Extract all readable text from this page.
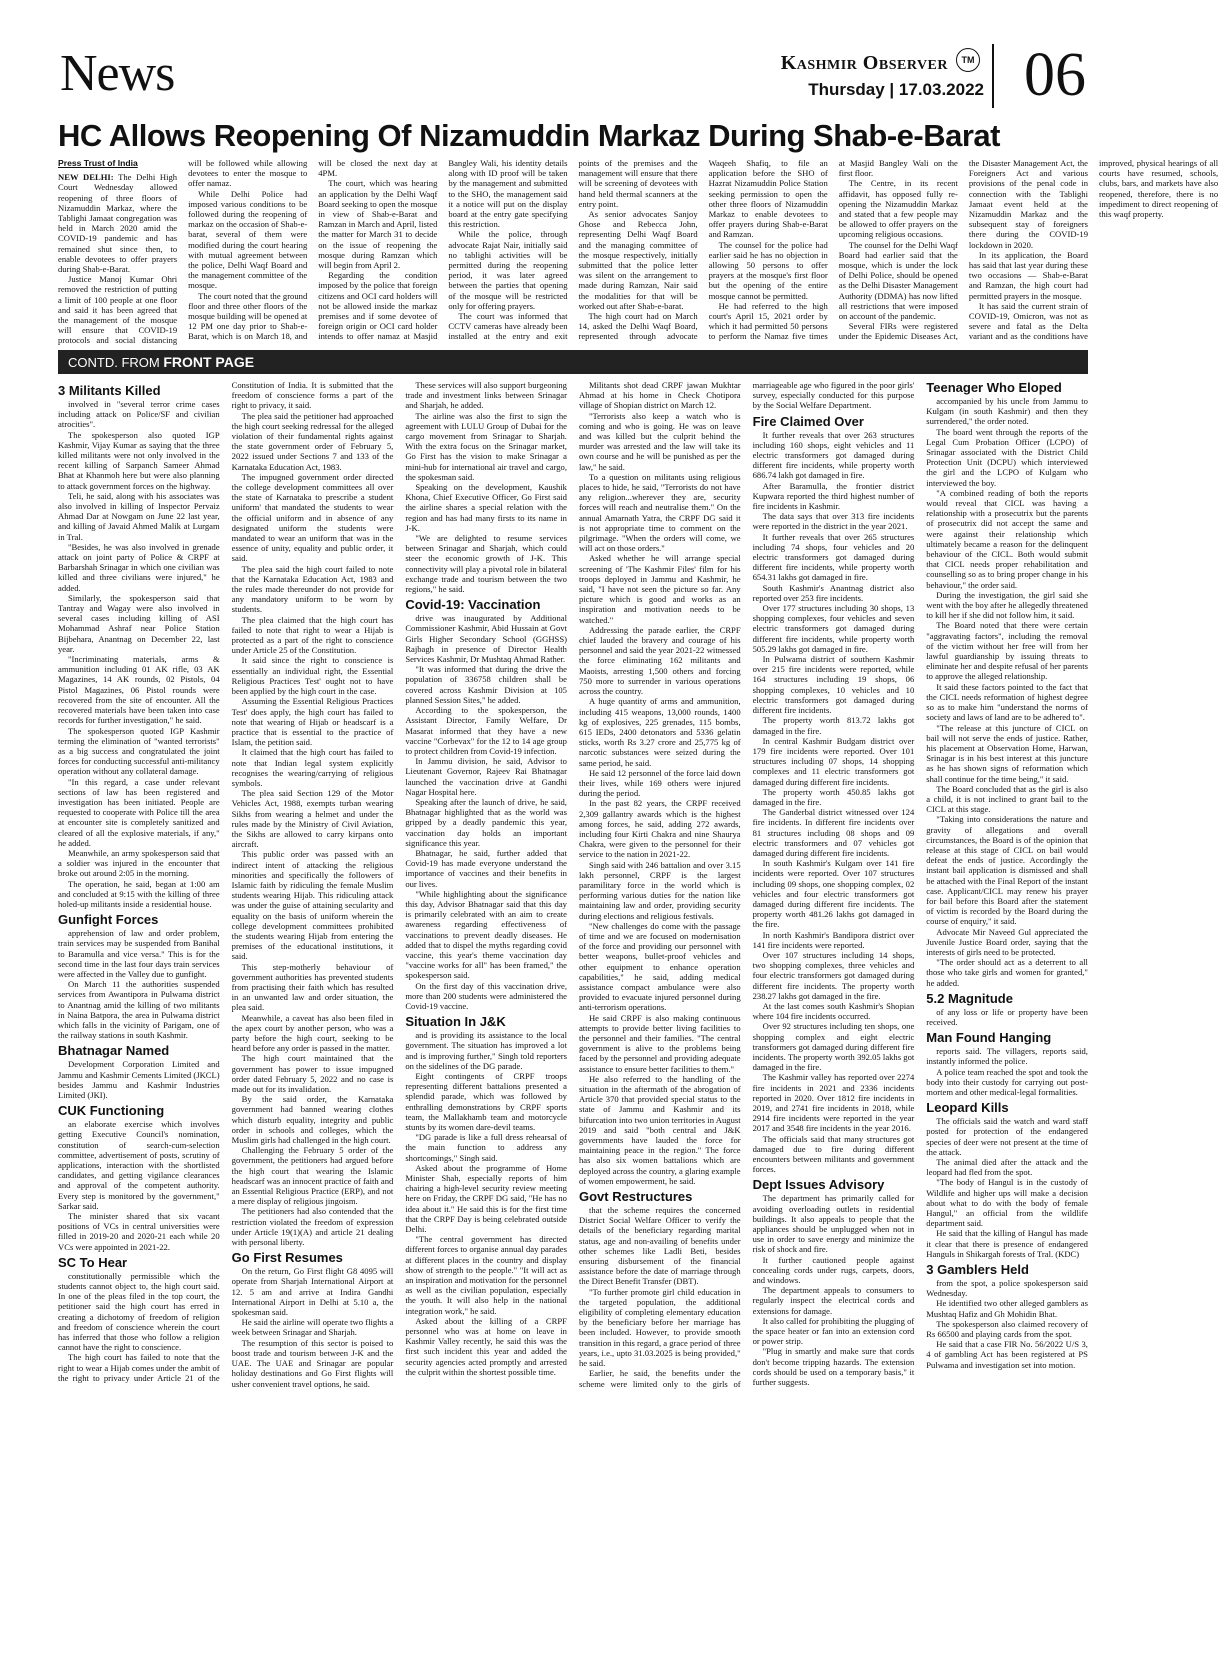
News	Kashmir Observer	TM
Thursday | 17.03.2022 06
HC Allows Reopening Of Nizamuddin Markaz During Shab-e-Barat
Press Trust of India

NEW DELHI: The Delhi High Court Wednesday allowed reopening of three floors of Nizamuddin Markaz, where the Tablighi Jamaat congregation was held in March 2020 amid the COVID-19 pandemic and has remained shut since then, to enable devotees to offer prayers during Shab-e-Barat.

Justice Manoj Kumar Ohri removed the restriction of putting a limit of 100 people at one floor and said it has been agreed that the management of the mosque will ensure that COVID-19 protocols and social distancing will be followed while allowing devotees to enter the mosque to offer namaz.

While Delhi Police had imposed various conditions to be followed during the reopening of markaz on the occasion of Shab-e-barat, several of them were modified during the court hearing with mutual agreement between the police, Delhi Waqf Board and the management committee of the mosque.

The court noted that the ground floor and three other floors of the mosque building will be opened at 12 PM one day prior to Shab-e-Barat, which is on March 18, and will be closed the next day at 4PM.

The court, which was hearing an application by the Delhi Waqf Board seeking to open the mosque in view of Shab-e-Barat and Ramzan in March and April, listed the matter for March 31 to decide on the issue of reopening the mosque during Ramzan which will begin from April 2.

Regarding the condition imposed by the police that foreign citizens and OCI card holders will not be allowed inside the markaz premises and if some devotee of foreign origin or OCI card holder intends to offer namaz at Masjid Bangley Wali, his identity details along with ID proof will be taken by the management and submitted to the SHO, the management said it a notice will put on the display board at the entry gate specifying this restriction.

While the police, through advocate Rajat Nair, initially said no tablighi activities will be permitted during the reopening period, it was later agreed between the parties that opening of the mosque will be restricted only for offering prayers.

The court was informed that CCTV cameras have already been installed at the entry and exit points of the premises and the management will ensure that there will be screening of devotees with hand held thermal scanners at the entry point.

As senior advocates Sanjoy Ghose and Rebecca John, representing Delhi Waqf Board and the managing committee of the mosque respectively, initially submitted that the police letter was silent on the arrangement to made during Ramzan, Nair said the modalities for that will be worked out after Shab-e-barat.

The high court had on March 14, asked the Delhi Waqf Board, represented through advocate Waqeeh Shafiq, to file an application before the SHO of Hazrat Nizamuddin Police Station seeking permission to open the other three floors of Nizamuddin Markaz to enable devotees to offer prayers during Shab-e-Barat and Ramzan.

The counsel for the police had earlier said he has no objection in allowing 50 persons to offer prayers at the mosque's first floor but the opening of the entire mosque cannot be permitted.

He had referred to the high court's April 15, 2021 order by which it had permitted 50 persons to perform the Namaz five times at Masjid Bangley Wali on the first floor.

The Centre, in its recent affidavit, has opposed fully re-opening the Nizamuddin Markaz and stated that a few people may be allowed to offer prayers on the upcoming religious occasions.

The counsel for the Delhi Waqf Board had earlier said that the mosque, which is under the lock of Delhi Police, should be opened as the Delhi Disaster Management Authority (DDMA) has now lifted all restrictions that were imposed on account of the pandemic.

Several FIRs were registered under the Epidemic Diseases Act, the Disaster Management Act, the Foreigners Act and various provisions of the penal code in connection with the Tablighi Jamaat event held at the Nizamuddin Markaz and the subsequent stay of foreigners there during the COVID-19 lockdown in 2020.

In its application, the Board has said that last year during these two occasions — Shab-e-Barat and Ramzan, the high court had permitted prayers in the mosque.

It has said the current strain of COVID-19, Omicron, was not as severe and fatal as the Delta variant and as the conditions have improved, physical hearings of all courts have resumed, schools, clubs, bars, and markets have also reopened, therefore, there is no impediment to direct reopening of this waqf property.

CONTD. FROM FRONT PAGE
3 Militants Killed

involved in "several terror crime cases including attack on Police/SF and civilian atrocities".

The spokesperson also quoted IGP Kashmir, Vijay Kumar as saying that the three killed militants were not only involved in the recent killing of Sarpanch Sameer Ahmad Bhat at Khanmoh here but were also planning to attack government forces on the highway.

Teli, he said, along with his associates was also involved in killing of Inspector Pervaiz Ahmad Dar at Nowgam on June 22 last year, and killing of Javaid Ahmed Malik at Lurgam in Tral.

"Besides, he was also involved in grenade attack on joint party of Police & CRPF at Barbarshah Srinagar in which one civilian was killed and three civilians were injured," he added.

Similarly, the spokesperson said that Tantray and Wagay were also involved in several cases including killing of ASI Mohammad Ashraf near Police Station Bijbehara, Anantnag on December 22, last year.

"Incriminating materials, arms & ammunition including 01 AK rifle, 03 AK Magazines, 14 AK rounds, 02 Pistols, 04 Pistol Magazines, 06 Pistol rounds were recovered from the site of encounter. All the recovered materials have been taken into case records for further investigation," he said.

The spokesperson quoted IGP Kashmir terming the elimination of "wanted terrorists" as a big success and congratulated the joint forces for conducting successful anti-militancy operation without any collateral damage.

"In this regard, a case under relevant sections of law has been registered and investigation has been initiated. People are requested to cooperate with Police till the area at encounter site is completely sanitized and cleared of all the explosive materials, if any," he added.

Meanwhile, an army spokesperson said that a soldier was injured in the encounter that broke out around 2:05 in the morning.

The operation, he said, began at 1:00 am and concluded at 9:15 with the killing of three holed-up militants inside a residential house.

Gunfight Forces

apprehension of law and order problem, train services may be suspended from Banihal to Baramulla and vice versa." This is for the second time in the last four days train services were affected in the Valley due to gunfight.

On March 11 the authorities suspended services from Awantipora in Pulwama district to Anantnag amid the killing of two militants in Naina Batpora, the area in Pulwama district which falls in the vicinity of Parigam, one of the railway stations in south Kashmir.

Bhatnagar Named

Development Corporation Limited and Jammu and Kashmir Cements Limited (JKCL) besides Jammu and Kashmir Industries Limited (JKI).

CUK Functioning

an elaborate exercise which involves getting Executive Council's nomination, constitution of search-cum-selection committee, advertisement of posts, scrutiny of applications, interaction with the shortlisted candidates, and getting vigilance clearances and approval of the competent authority. Every step is monitored by the government," Sarkar said.

The minister shared that six vacant positions of VCs in central universities were filled in 2019-20 and 2020-21 each while 20 VCs were appointed in 2021-22.

SC To Hear

constitutionally permissible which the students cannot object to, the high court said. In one of the pleas filed in the top court, the petitioner said the high court has erred in creating a dichotomy of freedom of religion and freedom of conscience wherein the court has inferred that those who follow a religion cannot have the right to conscience.

The high court has failed to note that the right to wear a Hijab comes under the ambit of the right to privacy under Article 21 of the Constitution of India. It is submitted that the freedom of conscience forms a part of the right to privacy, it said.

The plea said the petitioner had approached the high court seeking redressal for the alleged violation of their fundamental rights against the state government order of February 5, 2022 issued under Sections 7 and 133 of the Karnataka Education Act, 1983.

The impugned government order directed the college development committees all over the state of Karnataka to prescribe a student uniform' that mandated the students to wear the official uniform and in absence of any designated uniform the students were mandated to wear an uniform that was in the essence of unity, equality and public order, it said.

The plea said the high court failed to note that the Karnataka Education Act, 1983 and the rules made thereunder do not provide for any mandatory uniform to be worn by students.

The plea claimed that the high court has failed to note that right to wear a Hijab is protected as a part of the right to conscience under Article 25 of the Constitution.

It said since the right to conscience is essentially an individual right, the Essential Religious Practices Test' ought not to have been applied by the high court in the case.

Assuming the Essential Religious Practices Test' does apply, the high court has failed to note that wearing of Hijab or headscarf is a practice that is essential to the practice of Islam, the petition said.

It claimed that the high court has failed to note that Indian legal system explicitly recognises the wearing/carrying of religious symbols.

The plea said Section 129 of the Motor Vehicles Act, 1988, exempts turban wearing Sikhs from wearing a helmet and under the rules made by the Ministry of Civil Aviation, the Sikhs are allowed to carry kirpans onto aircraft.

This public order was passed with an indirect intent of attacking the religious minorities and specifically the followers of Islamic faith by ridiculing the female Muslim students wearing Hijab. This ridiculing attack was under the guise of attaining secularity and equality on the basis of uniform wherein the college development committees prohibited the students wearing Hijab from entering the premises of the educational institutions, it said.

This step-motherly behaviour of government authorities has prevented students from practising their faith which has resulted in an unwanted law and order situation, the plea said.

Meanwhile, a caveat has also been filed in the apex court by another person, who was a party before the high court, seeking to be heard before any order is passed in the matter.

The high court maintained that the government has power to issue impugned order dated February 5, 2022 and no case is made out for its invalidation.

By the said order, the Karnataka government had banned wearing clothes which disturb equality, integrity and public order in schools and colleges, which the Muslim girls had challenged in the high court.

Challenging the February 5 order of the government, the petitioners had argued before the high court that wearing the Islamic headscarf was an innocent practice of faith and an Essential Religious Practice (ERP), and not a mere display of religious jingoism.

The petitioners had also contended that the restriction violated the freedom of expression under Article 19(1)(A) and article 21 dealing with personal liberty.

Go First Resumes

On the return, Go First flight G8 4095 will operate from Sharjah International Airport at 12. 5 am and arrive at Indira Gandhi International Airport in Delhi at 5.10 a, the spokesman said.

He said the airline will operate two flights a week between Srinagar and Sharjah.

The resumption of this sector is poised to boost trade and tourism between J-K and the UAE. The UAE and Srinagar are popular holiday destinations and Go First flights will usher convenient travel options, he said.

These services will also support burgeoning trade and investment links between Srinagar and Sharjah, he added.

The airline was also the first to sign the agreement with LULU Group of Dubai for the cargo movement from Srinagar to Sharjah. With the extra focus on the Srinagar market, Go First has the vision to make Srinagar a mini-hub for international air travel and cargo, the spokesman said.

Speaking on the development, Kaushik Khona, Chief Executive Officer, Go First said the airline shares a special relation with the region and has had many firsts to its name in J-K.

"We are delighted to resume services between Srinagar and Sharjah, which could steer the economic growth of J-K. This connectivity will play a pivotal role in bilateral exchange trade and tourism between the two regions," he said.

Covid-19: Vaccination

drive was inaugurated by Additional Commissioner Kashmir, Abid Hussain at Govt Girls Higher Secondary School (GGHSS) Rajbagh in presence of Director Health Services Kashmir, Dr Mushtaq Ahmad Rather.

"It was informed that during the drive the population of 336758 children shall be covered across Kashmir Division at 105 planned Session Sites," he added.

According to the spokesperson, the Assistant Director, Family Welfare, Dr Masarat informed that they have a new vaccine "Corbevax" for the 12 to 14 age group to protect children from Covid-19 infection.

In Jammu division, he said, Advisor to Lieutenant Governor, Rajeev Rai Bhatnagar launched the vaccination drive at Gandhi Nagar Hospital here.

Speaking after the launch of drive, he said, Bhatnagar highlighted that as the world was gripped by a deadly pandemic this year, vaccination day holds an important significance this year.

Bhatnagar, he said, further added that Covid-19 has made everyone understand the importance of vaccines and their benefits in our lives.

"While highlighting about the significance this day, Advisor Bhatnagar said that this day is primarily celebrated with an aim to create awareness regarding effectiveness of vaccinations to prevent deadly diseases. He added that to dispel the myths regarding covid vaccine, this year's theme vaccination day "vaccine works for all" has been framed," the spokesperson said.

On the first day of this vaccination drive, more than 200 students were administered the Covid-19 vaccine.

Situation In J&K

and is providing its assistance to the local government. The situation has improved a lot and is improving further," Singh told reporters on the sidelines of the DG parade.

Eight contingents of CRPF troops representing different battalions presented a splendid parade, which was followed by enthralling demonstrations by CRPF sports team, the Mallakhamb team and motorcycle stunts by its women dare-devil teams.

"DG parade is like a full dress rehearsal of the main function to address any shortcomings," Singh said.

Asked about the programme of Home Minister Shah, especially reports of him chairing a high-level security review meeting here on Friday, the CRPF DG said, "He has no idea about it." He said this is for the first time that the CRPF Day is being celebrated outside Delhi.

"The central government has directed different forces to organise annual day parades at different places in the country and display show of strength to the people." "It will act as an inspiration and motivation for the personnel as well as the civilian population, especially the youth. It will also help in the national integration work," he said.

Asked about the killing of a CRPF personnel who was at home on leave in Kashmir Valley recently, he said this was the first such incident this year and added the security agencies acted promptly and arrested the culprit within the shortest possible time.

Militants shot dead CRPF jawan Mukhtar Ahmad at his home in Check Chotipora village of Shopian district on March 12.

"Terrorists also keep a watch who is coming and who is going. He was on leave and was killed but the culprit behind the murder was arrested and the law will take its own course and he will be punished as per the law," he said.

To a question on militants using religious places to hide, he said, "Terrorists do not have any religion...wherever they are, security forces will reach and neutralise them." On the annual Amarnath Yatra, the CRPF DG said it is not appropriate time to comment on the pilgrimage. "When the orders will come, we will act on those orders."

Asked whether he will arrange special screening of 'The Kashmir Files' film for his troops deployed in Jammu and Kashmir, he said, "I have not seen the picture so far. Any picture which is good and works as an inspiration and motivation needs to be watched."

Addressing the parade earlier, the CRPF chief lauded the bravery and courage of his personnel and said the year 2021-22 witnessed the force eliminating 162 militants and Maoists, arresting 1,500 others and forcing 750 more to surrender in various operations across the country.

A huge quantity of arms and ammunition, including 415 weapons, 13,000 rounds, 1400 kg of explosives, 225 grenades, 115 bombs, 615 IEDs, 2400 detonators and 5336 gelatin sticks, worth Rs 3.27 crore and 25,775 kg of narcotic substances were seized during the same period, he said.

He said 12 personnel of the force laid down their lives, while 169 others were injured during the period.

In the past 82 years, the CRPF received 2,309 gallantry awards which is the highest among forces, he said, adding 272 awards, including four Kirti Chakra and nine Shaurya Chakra, were given to the personnel for their service to the nation in 2021-22.

Singh said with 246 battalion and over 3.15 lakh personnel, CRPF is the largest paramilitary force in the world which is performing various duties for the nation like maintaining law and order, providing security during elections and religious festivals.

"New challenges do come with the passage of time and we are focused on modernisation of the force and providing our personnel with better weapons, bullet-proof vehicles and other equipment to enhance operation capabilities," he said, adding medical assistance compact ambulance were also provided to evacuate injured personnel during anti-terrorism operations.

He said CRPF is also making continuous attempts to provide better living facilities to the personnel and their families. "The central government is alive to the problems being faced by the personnel and providing adequate assistance to ensure better facilities to them."

He also referred to the handling of the situation in the aftermath of the abrogation of Article 370 that provided special status to the state of Jammu and Kashmir and its bifurcation into two union territories in August 2019 and said "both central and J&K governments have lauded the force for maintaining peace in the region." The force has also six women battalions which are deployed across the country, a glaring example of women empowerment, he said.

Govt Restructures

that the scheme requires the concerned District Social Welfare Officer to verify the details of the beneficiary regarding marital status, age and non-availing of benefits under other schemes like Ladli Beti, besides ensuring disbursement of the financial assistance before the date of marriage through the Direct Benefit Transfer (DBT).

"To further promote girl child education in the targeted population, the additional eligibility of completing elementary education by the beneficiary before her marriage has been included. However, to provide smooth transition in this regard, a grace period of three years, i.e., upto 31.03.2025 is being provided," he said.

Earlier, he said, the benefits under the scheme were limited only to the girls of marriageable age who figured in the poor girls' survey, especially conducted for this purpose by the Social Welfare Department.

Fire Claimed Over

It further reveals that over 263 structures including 160 shops, eight vehicles and 11 electric transformers got damaged during different fire incidents, while property worth 686.74 lakh got damaged in fire.

After Baramulla, the frontier district Kupwara reported the third highest number of fire incidents in Kashmir.

The data says that over 313 fire incidents were reported in the district in the year 2021.

It further reveals that over 265 structures including 74 shops, four vehicles and 20 electric transformers got damaged during different fire incidents, while property worth 654.31 lakhs got damaged in fire.

South Kashmir's Anantnag district also reported over 253 fire incidents.

Over 177 structures including 30 shops, 13 shopping complexes, four vehicles and seven electric transformers got damaged during different fire incidents, while property worth 505.29 lakhs got damaged in fire.

In Pulwama district of southern Kashmir over 215 fire incidents were reported, while 164 structures including 19 shops, 06 shopping complexes, 10 vehicles and 10 electric transformers got damaged during different fire incidents.

The property worth 813.72 lakhs got damaged in the fire.

In central Kashmir Budgam district over 179 fire incidents were reported. Over 101 structures including 07 shops, 14 shopping complexes and 11 electric transformers got damaged during different fire incidents.

The property worth 450.85 lakhs got damaged in the fire.

The Ganderbal district witnessed over 124 fire incidents. In different fire incidents over 81 structures including 08 shops and 09 electric transformers and 07 vehicles got damaged during different fire incidents.

In south Kashmir's Kulgam over 141 fire incidents were reported. Over 107 structures including 09 shops, one shopping complex, 02 vehicles and four electric transformers got damaged during different fire incidents. The property worth 481.26 lakhs got damaged in the fire.

In north Kashmir's Bandipora district over 141 fire incidents were reported.

Over 107 structures including 14 shops, two shopping complexes, three vehicles and four electric transformers got damaged during different fire incidents. The property worth 238.27 lakhs got damaged in the fire.

At the last comes south Kashmir's Shopian where 104 fire incidents occurred.

Over 92 structures including ten shops, one shopping complex and eight electric transformers got damaged during different fire incidents. The property worth 392.05 lakhs got damaged in the fire.

The Kashmir valley has reported over 2274 fire incidents in 2021 and 2336 incidents reported in 2020. Over 1812 fire incidents in 2019, and 2741 fire incidents in 2018, while 2914 fire incidents were reported in the year 2017 and 3548 fire incidents in the year 2016.

The officials said that many structures got damaged due to fire during different encounters between militants and government forces.

Dept Issues Advisory

The department has primarily called for avoiding overloading outlets in residential buildings. It also appeals to people that the appliances should be unplugged when not in use in order to save energy and minimize the risk of shock and fire.

It further cautioned people against concealing cords under rugs, carpets, doors, and windows.

The department appeals to consumers to regularly inspect the electrical cords and extensions for damage.

It also called for prohibiting the plugging of the space heater or fan into an extension cord or power strip.

"Plug in smartly and make sure that cords don't become tripping hazards. The extension cords should be used on a temporary basis," it further suggests.

Teenager Who Eloped

accompanied by his uncle from Jammu to Kulgam (in south Kashmir) and then they surrendered," the order noted.

The board went through the reports of the Legal Cum Probation Officer (LCPO) of Srinagar associated with the District Child Protection Unit (DCPU) which interviewed the girl and the LCPO of Kulgam who interviewed the boy.

"A combined reading of both the reports would reveal that CICL was having a relationship with a prosecutrix but the parents of prosecutrix did not accept the same and were against their relationship which ultimately became a reason for the delinquent behaviour of the CICL. Both would submit that CICL needs proper rehabilitation and counselling so as to bring proper change in his behaviour," the order said.

During the investigation, the girl said she went with the boy after he allegedly threatened to kill her if she did not follow him, it said.

The Board noted that there were certain "aggravating factors", including the removal of the victim without her free will from her lawful guardianship by issuing threats to eliminate her and despite refusal of her parents to approve the alleged relationship.

It said these factors pointed to the fact that the CICL needs reformation of highest degree so as to make him "understand the norms of society and laws of land are to be adhered to".

"The release at this juncture of CICL on bail will not serve the ends of justice. Rather, his placement at Observation Home, Harwan, Srinagar is in his best interest at this juncture as he has shown signs of reformation which shall continue for the time being," it said.

The Board concluded that as the girl is also a child, it is not inclined to grant bail to the CICL at this stage.

"Taking into considerations the nature and gravity of allegations and overall circumstances, the Board is of the opinion that release at this stage of CICL on bail would defeat the ends of justice. Accordingly the instant bail application is dismissed and shall be attached with the Final Report of the instant case. Applicant/CICL may renew his prayer for bail before this Board after the statement of victim is recorded by the Board during the course of enquiry," it said.

Advocate Mir Naveed Gul appreciated the Juvenile Justice Board order, saying that the interests of girls need to be protected.

"The order should act as a deterrent to all those who take girls and women for granted," he added.

5.2 Magnitude

of any loss or life or property have been received.

Man Found Hanging

reports said. The villagers, reports said, instantly informed the police.

A police team reached the spot and took the body into their custody for carrying out post-mortem and other medical-legal formalities.

Leopard Kills

The officials said the watch and ward staff posted for protection of the endangered species of deer were not present at the time of the attack.

The animal died after the attack and the leopard had fled from the spot.

"The body of Hangul is in the custody of Wildlife and higher ups will make a decision about what to do with the body of female Hangul," an official from the wildlife department said.

He said that the killing of Hangul has made it clear that there is presence of endangered Hanguls in Shikargah forests of Tral. (KDC)

3 Gamblers Held

from the spot, a police spokesperson said Wednesday.

He identified two other alleged gamblers as Mushtaq Hafiz and Gh Mohidin Bhat.

The spokesperson also claimed recovery of Rs 66500 and playing cards from the spot.

He said that a case FIR No. 56/2022 U/S 3, 4 of gambling Act has been registered at PS Pulwama and investigation set into motion.
